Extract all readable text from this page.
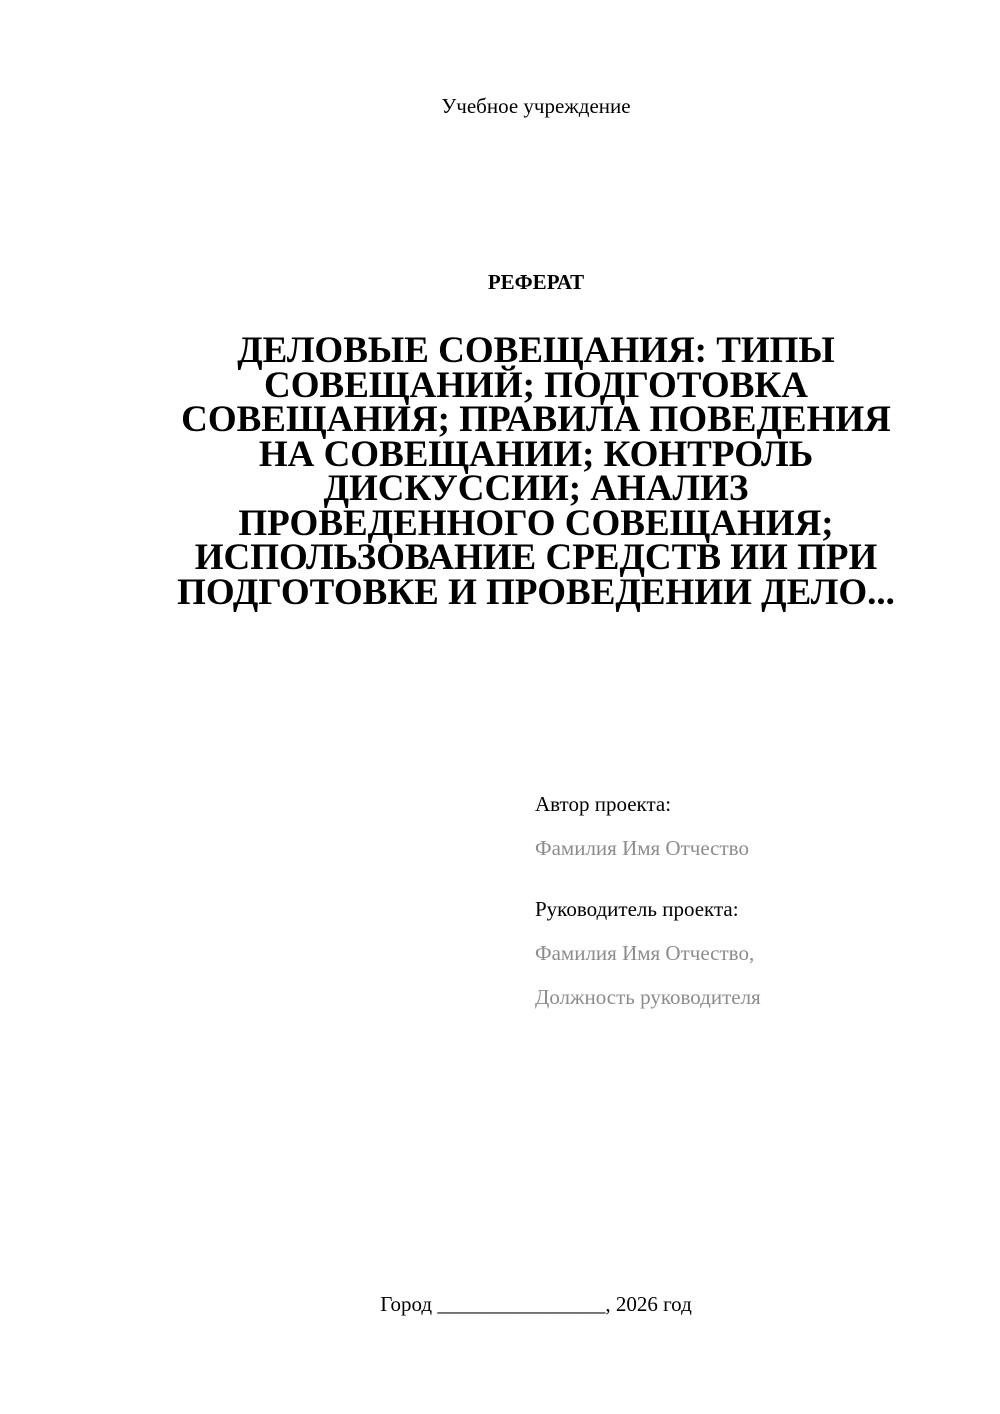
Учебное учреждение
РЕФЕРАТ
ДЕЛОВЫЕ СОВЕЩАНИЯ: ТИПЫ
СОВЕЩАНИЙ; ПОДГОТОВКА
СОВЕЩАНИЯ; ПРАВИЛА ПОВЕДЕНИЯ
НА СОВЕЩАНИИ; КОНТРОЛЬ
ДИСКУССИИ; АНАЛИЗ
ПРОВЕДЕННОГО СОВЕЩАНИЯ;
ИСПОЛЬЗОВАНИЕ СРЕДСТВ ИИ ПРИ
ПОДГОТОВКЕ И ПРОВЕДЕНИИ ДЕЛО...
Автор проекта:
Фамилия Имя Отчество
Руководитель проекта:
Фамилия Имя Отчество,
Должность руководителя
Город ________________, 2026 год
